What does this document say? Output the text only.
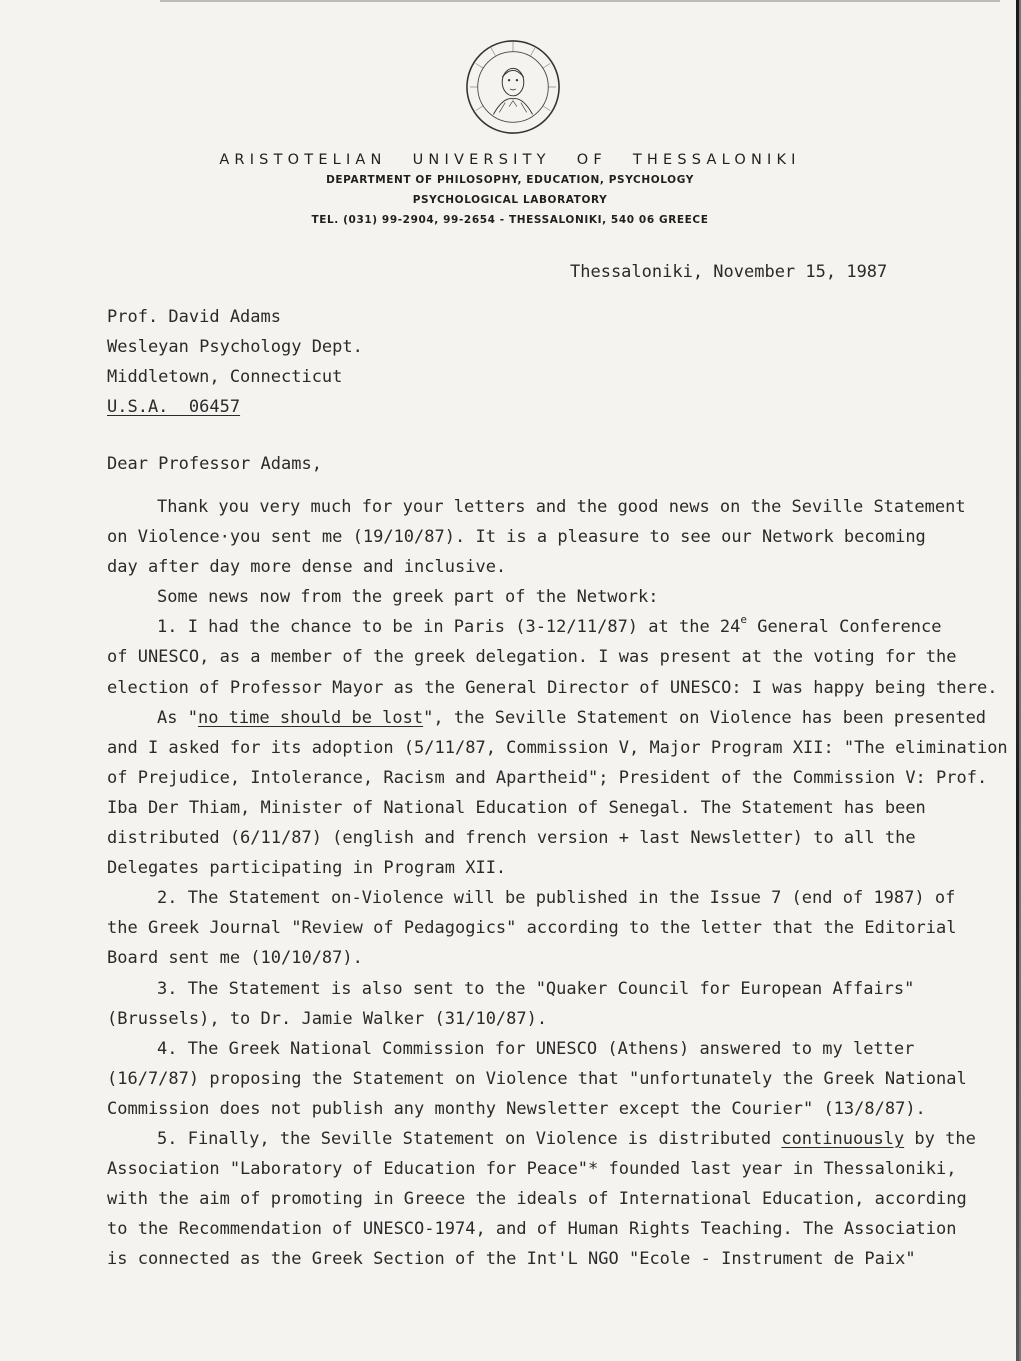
ARISTOTELIAN UNIVERSITY OF THESSALONIKI

DEPARTMENT OF PHILOSOPHY, EDUCATION, PSYCHOLOGY

PSYCHOLOGICAL LABORATORY

TEL. (031) 99-2904, 99-2654 - THESSALONIKI, 540 06 GREECE

Thessaloniki, November 15, 1987
Prof. David Adams
Wesleyan Psychology Dept.
Middletown, Connecticut
U.S.A.  06457
Dear Professor Adams,

Thank you very much for your letters and the good news on the Seville Statement

on Violence·you sent me (19/10/87). It is a pleasure to see our Network becoming

day after day more dense and inclusive.

Some news now from the greek part of the Network:

1. I had the chance to be in Paris (3-12/11/87) at the 24e General Conference

of UNESCO, as a member of the greek delegation. I was present at the voting for the

election of Professor Mayor as the General Director of UNESCO: I was happy being there.

As "no time should be lost", the Seville Statement on Violence has been presented

and I asked for its adoption (5/11/87, Commission V, Major Program XII: "The elimination

of Prejudice, Intolerance, Racism and Apartheid"; President of the Commission V: Prof.

Iba Der Thiam, Minister of National Education of Senegal. The Statement has been

distributed (6/11/87) (english and french version + last Newsletter) to all the

Delegates participating in Program XII.

2. The Statement on-Violence will be published in the Issue 7 (end of 1987) of

the Greek Journal "Review of Pedagogics" according to the letter that the Editorial

Board sent me (10/10/87).

3. The Statement is also sent to the "Quaker Council for European Affairs"

(Brussels), to Dr. Jamie Walker (31/10/87).

4. The Greek National Commission for UNESCO (Athens) answered to my letter

(16/7/87) proposing the Statement on Violence that "unfortunately the Greek National

Commission does not publish any monthy Newsletter except the Courier" (13/8/87).

5. Finally, the Seville Statement on Violence is distributed continuously by the

Association "Laboratory of Education for Peace"* founded last year in Thessaloniki,

with the aim of promoting in Greece the ideals of International Education, according

to the Recommendation of UNESCO-1974, and of Human Rights Teaching. The Association

is connected as the Greek Section of the Int'L NGO "Ecole - Instrument de Paix"
